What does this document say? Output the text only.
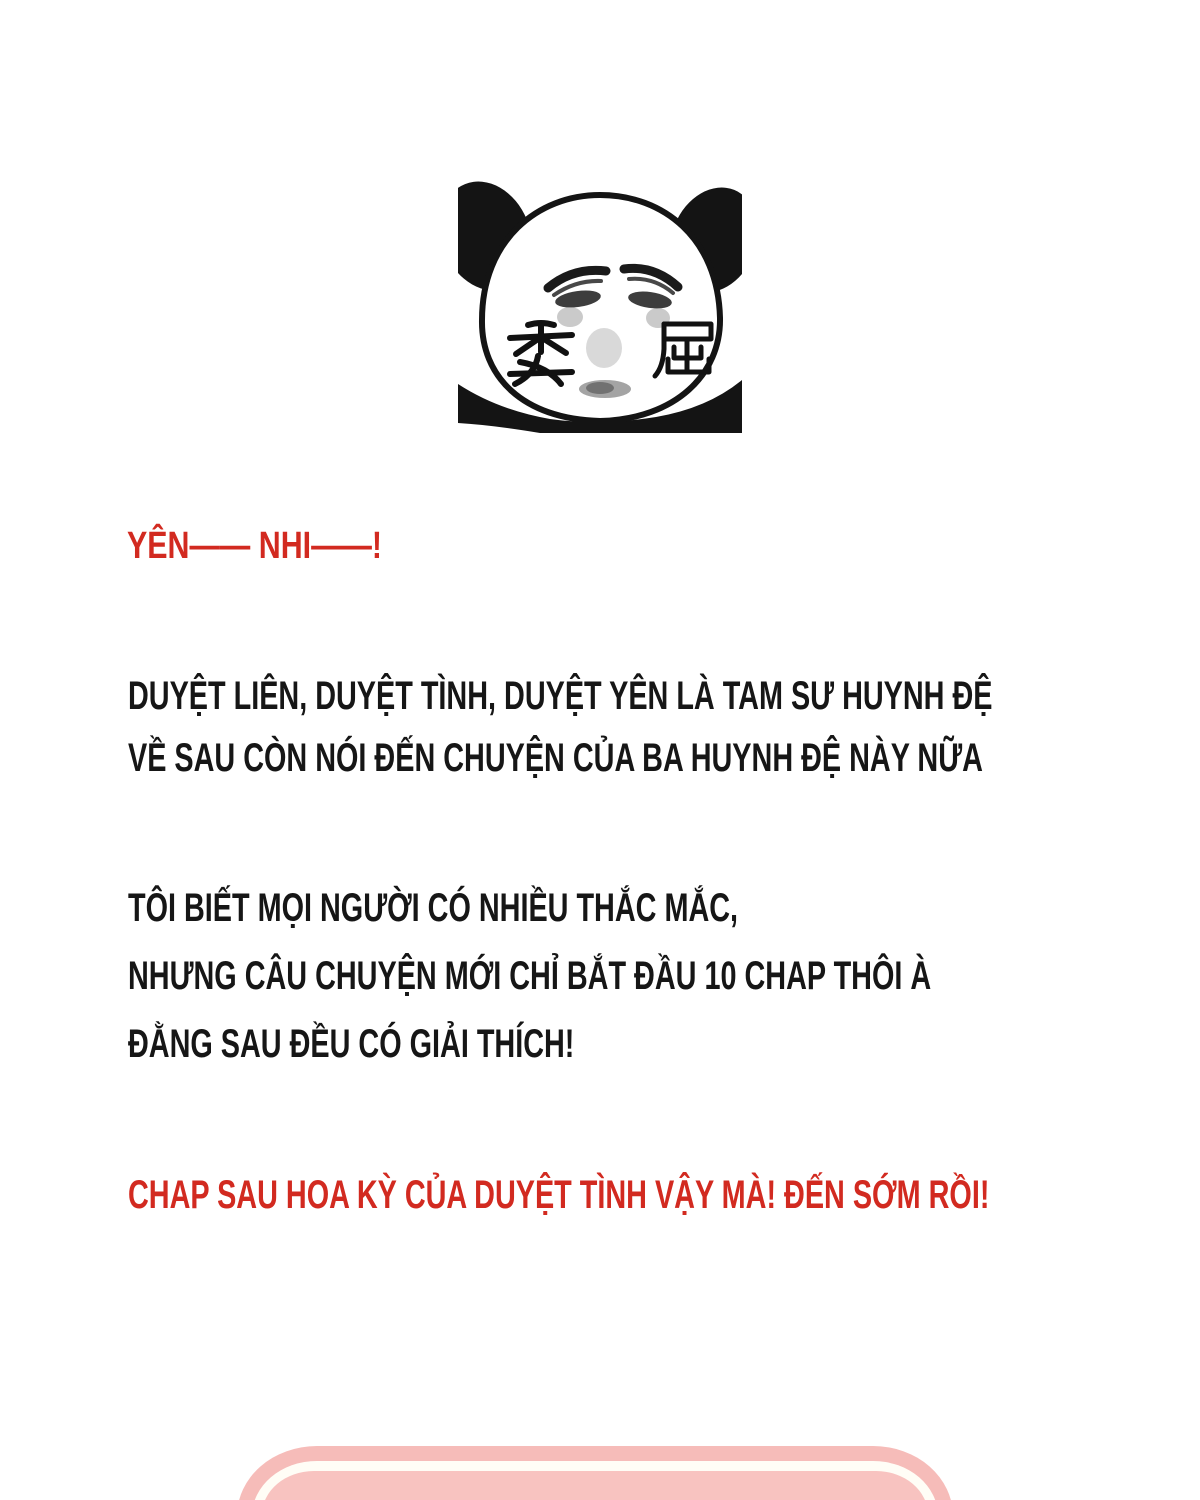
YÊN—— NHI——!
DUYỆT LIÊN, DUYỆT TÌNH, DUYỆT YÊN LÀ TAM SƯ HUYNH ĐỆ
VỀ SAU CÒN NÓI ĐẾN CHUYỆN CỦA BA HUYNH ĐỆ NÀY NỮA
TÔI BIẾT MỌI NGƯỜI CÓ NHIỀU THẮC MẮC,
NHƯNG CÂU CHUYỆN MỚI CHỈ BẮT ĐẦU 10 CHAP THÔI À
ĐẰNG SAU ĐỀU CÓ GIẢI THÍCH!
CHAP SAU HOA KỲ CỦA DUYỆT TÌNH VẬY MÀ! ĐẾN SỚM RỒI!
